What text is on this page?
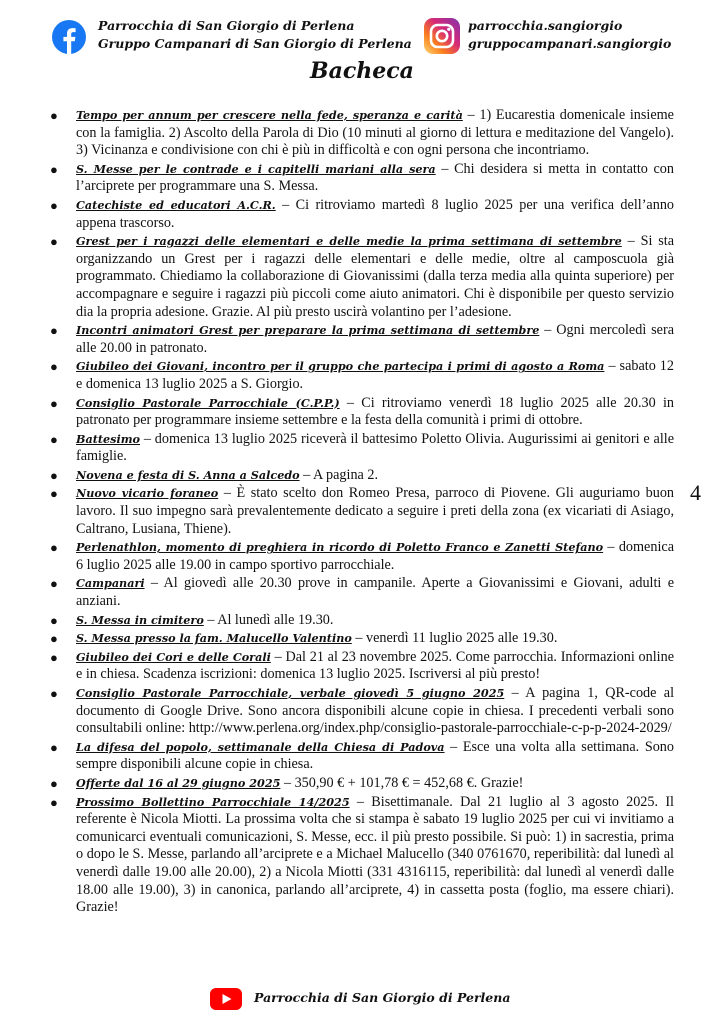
Parrocchia di San Giorgio di Perlena
Gruppo Campanari di San Giorgio di Perlena
parrocchia.sangiorgio
gruppocampanari.sangiorgio
Bacheca
● Tempo per annum per crescere nella fede, speranza e carità – 1) Eucarestia domenicale insieme con la famiglia. 2) Ascolto della Parola di Dio (10 minuti al giorno di lettura e meditazione del Vangelo). 3) Vicinanza e condivisione con chi è più in difficoltà e con ogni persona che incontriamo.
● S. Messe per le contrade e i capitelli mariani alla sera – Chi desidera si metta in contatto con l’arciprete per programmare una S. Messa.
● Catechiste ed educatori A.C.R. – Ci ritroviamo martedì 8 luglio 2025 per una verifica dell’anno appena trascorso.
● Grest per i ragazzi delle elementari e delle medie la prima settimana di settembre – Si sta organizzando un Grest per i ragazzi delle elementari e delle medie, oltre al camposcuola già programmato. Chiediamo la collaborazione di Giovanissimi (dalla terza media alla quinta superiore) per accompagnare e seguire i ragazzi più piccoli come aiuto animatori. Chi è disponibile per questo servizio dia la propria adesione. Grazie. Al più presto uscirà volantino per l’adesione.
● Incontri animatori Grest per preparare la prima settimana di settembre – Ogni mercoledì sera alle 20.00 in patronato.
● Giubileo dei Giovani, incontro per il gruppo che partecipa i primi di agosto a Roma – sabato 12 e domenica 13 luglio 2025 a S. Giorgio.
● Consiglio Pastorale Parrocchiale (C.P.P.) – Ci ritroviamo venerdì 18 luglio 2025 alle 20.30 in patronato per programmare insieme settembre e la festa della comunità i primi di ottobre.
● Battesimo – domenica 13 luglio 2025 riceverà il battesimo Poletto Olivia. Augurissimi ai genitori e alle famiglie.
● Novena e festa di S. Anna a Salcedo – A pagina 2.
● Nuovo vicario foraneo – È stato scelto don Romeo Presa, parroco di Piovene. Gli auguriamo buon lavoro. Il suo impegno sarà prevalentemente dedicato a seguire i preti della zona (ex vicariati di Asiago, Caltrano, Lusiana, Thiene).
● Perlenathlon, momento di preghiera in ricordo di Poletto Franco e Zanetti Stefano – domenica 6 luglio 2025 alle 19.00 in campo sportivo parrocchiale.
● Campanari – Al giovedì alle 20.30 prove in campanile. Aperte a Giovanissimi e Giovani, adulti e anziani.
● S. Messa in cimitero – Al lunedì alle 19.30.
● S. Messa presso la fam. Malucello Valentino – venerdì 11 luglio 2025 alle 19.30.
● Giubileo dei Cori e delle Corali – Dal 21 al 23 novembre 2025. Come parrocchia. Informazioni online e in chiesa. Scadenza iscrizioni: domenica 13 luglio 2025. Iscriversi al più presto!
● Consiglio Pastorale Parrocchiale, verbale giovedì 5 giugno 2025 – A pagina 1, QR-code al documento di Google Drive. Sono ancora disponibili alcune copie in chiesa. I precedenti verbali sono consultabili online: http://www.perlena.org/index.php/consiglio-pastorale-parrocchiale-c-p-p-2024-2029/
● La difesa del popolo, settimanale della Chiesa di Padova – Esce una volta alla settimana. Sono sempre disponibili alcune copie in chiesa.
● Offerte dal 16 al 29 giugno 2025 – 350,90 € + 101,78 € = 452,68 €. Grazie!
● Prossimo Bollettino Parrocchiale 14/2025 – Bisettimanale. Dal 21 luglio al 3 agosto 2025. Il referente è Nicola Miotti. La prossima volta che si stampa è sabato 19 luglio 2025 per cui vi invitiamo a comunicarci eventuali comunicazioni, S. Messe, ecc. il più presto possibile. Si può: 1) in sacrestia, prima o dopo le S. Messe, parlando all’arciprete e a Michael Malucello (340 0761670, reperibilità: dal lunedì al venerdì dalle 19.00 alle 20.00), 2) a Nicola Miotti (331 4316115, reperibilità: dal lunedì al venerdì dalle 18.00 alle 19.00), 3) in canonica, parlando all’arciprete, 4) in cassetta posta (foglio, ma essere chiari). Grazie!
4
Parrocchia di San Giorgio di Perlena
